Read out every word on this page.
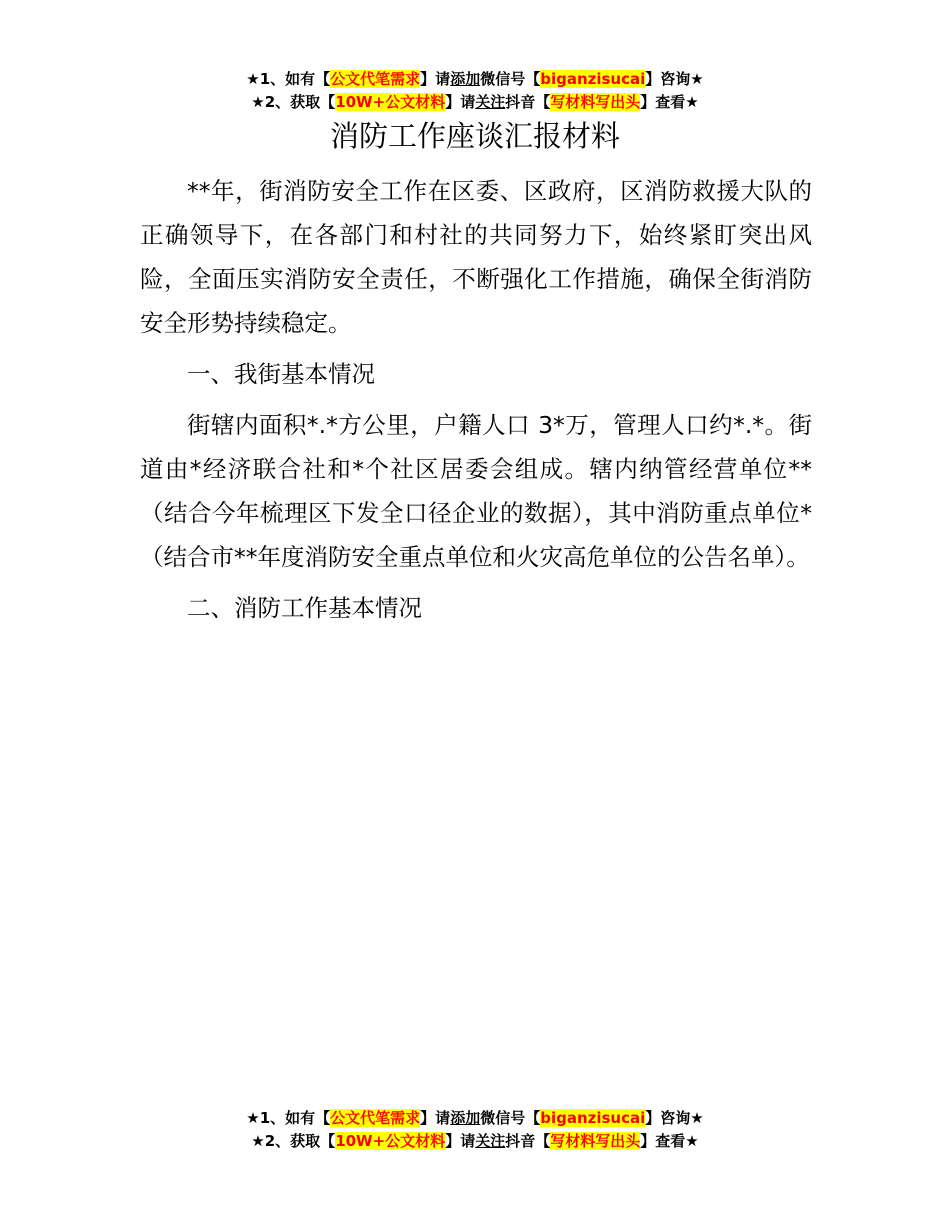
★1、如有【公文代笔需求】请添加微信号【biganzisucai】咨询★
★2、获取【10W+公文材料】请关注抖音【写材料写出头】查看★
消防工作座谈汇报材料

**年，街消防安全工作在区委、区政府，区消防救援大队的正确领导下，在各部门和村社的共同努力下，始终紧盯突出风险，全面压实消防安全责任，不断强化工作措施，确保全街消防安全形势持续稳定。

一、我街基本情况

街辖内面积*.*方公里，户籍人口 3*万，管理人口约*.*。街道由*经济联合社和*个社区居委会组成。辖内纳管经营单位**（结合今年梳理区下发全口径企业的数据），其中消防重点单位*（结合市**年度消防安全重点单位和火灾高危单位的公告名单）。

二、消防工作基本情况

★1、如有【公文代笔需求】请添加微信号【biganzisucai】咨询★
★2、获取【10W+公文材料】请关注抖音【写材料写出头】查看★
